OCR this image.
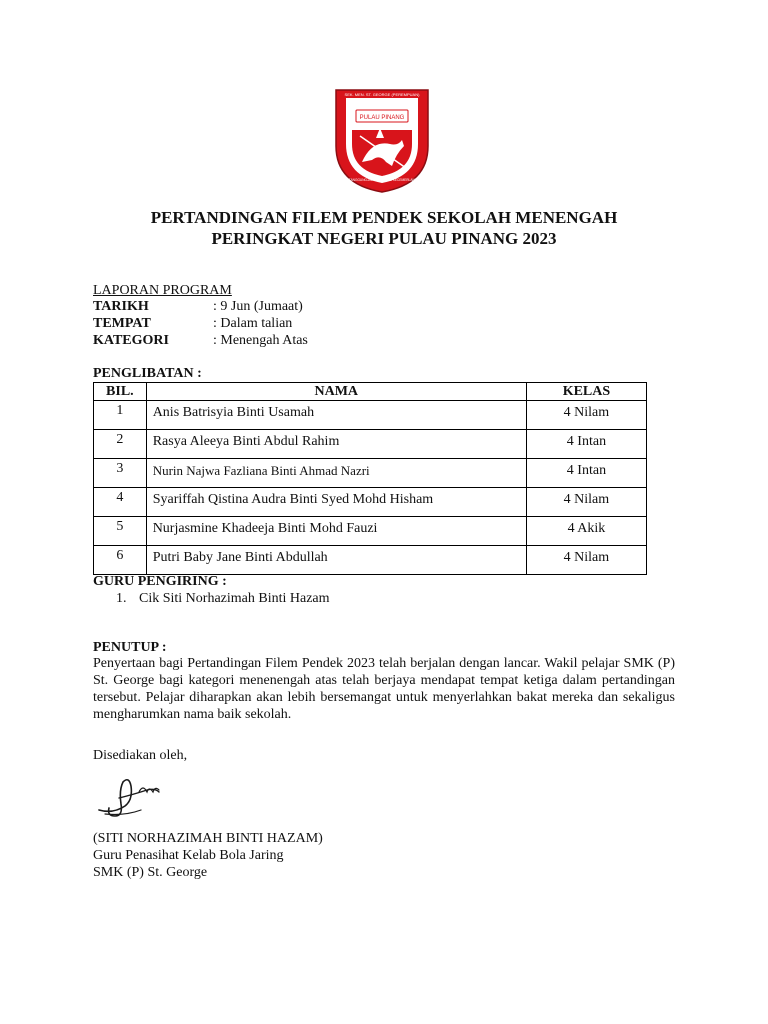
PULAU PINANG
SEK. MEN. ST. GEORGE (PEREMPUAN)
BERTANGGUNGJAWAB MENUJU KECEMERLANGAN
PERTANDINGAN FILEM PENDEK SEKOLAH MENENGAH
PERINGKAT NEGERI PULAU PINANG 2023
LAPORAN PROGRAM
TARIKH	: 9 Jun (Jumaat)
TEMPAT	: Dalam talian
KATEGORI	: Menengah Atas
PENGLIBATAN :
BIL.	NAMA	KELAS
1	Anis Batrisyia Binti Usamah	4 Nilam
2	Rasya Aleeya Binti Abdul Rahim	4 Intan
3	Nurin Najwa Fazliana Binti Ahmad Nazri	4 Intan
4	Syariffah Qistina Audra Binti Syed Mohd Hisham	4 Nilam
5	Nurjasmine Khadeeja Binti Mohd Fauzi	4 Akik
6	Putri Baby Jane Binti Abdullah	4 Nilam
GURU PENGIRING :
1. Cik Siti Norhazimah Binti Hazam
PENUTUP :

Penyertaan bagi Pertandingan Filem Pendek 2023 telah berjalan dengan lancar. Wakil pelajar SMK (P) St. George bagi kategori menenengah atas telah berjaya mendapat tempat ketiga dalam pertandingan tersebut. Pelajar diharapkan akan lebih bersemangat untuk menyerlahkan bakat mereka dan sekaligus mengharumkan nama baik sekolah.

Disediakan oleh,
(SITI NORHAZIMAH BINTI HAZAM)
Guru Penasihat Kelab Bola Jaring
SMK (P) St. George
